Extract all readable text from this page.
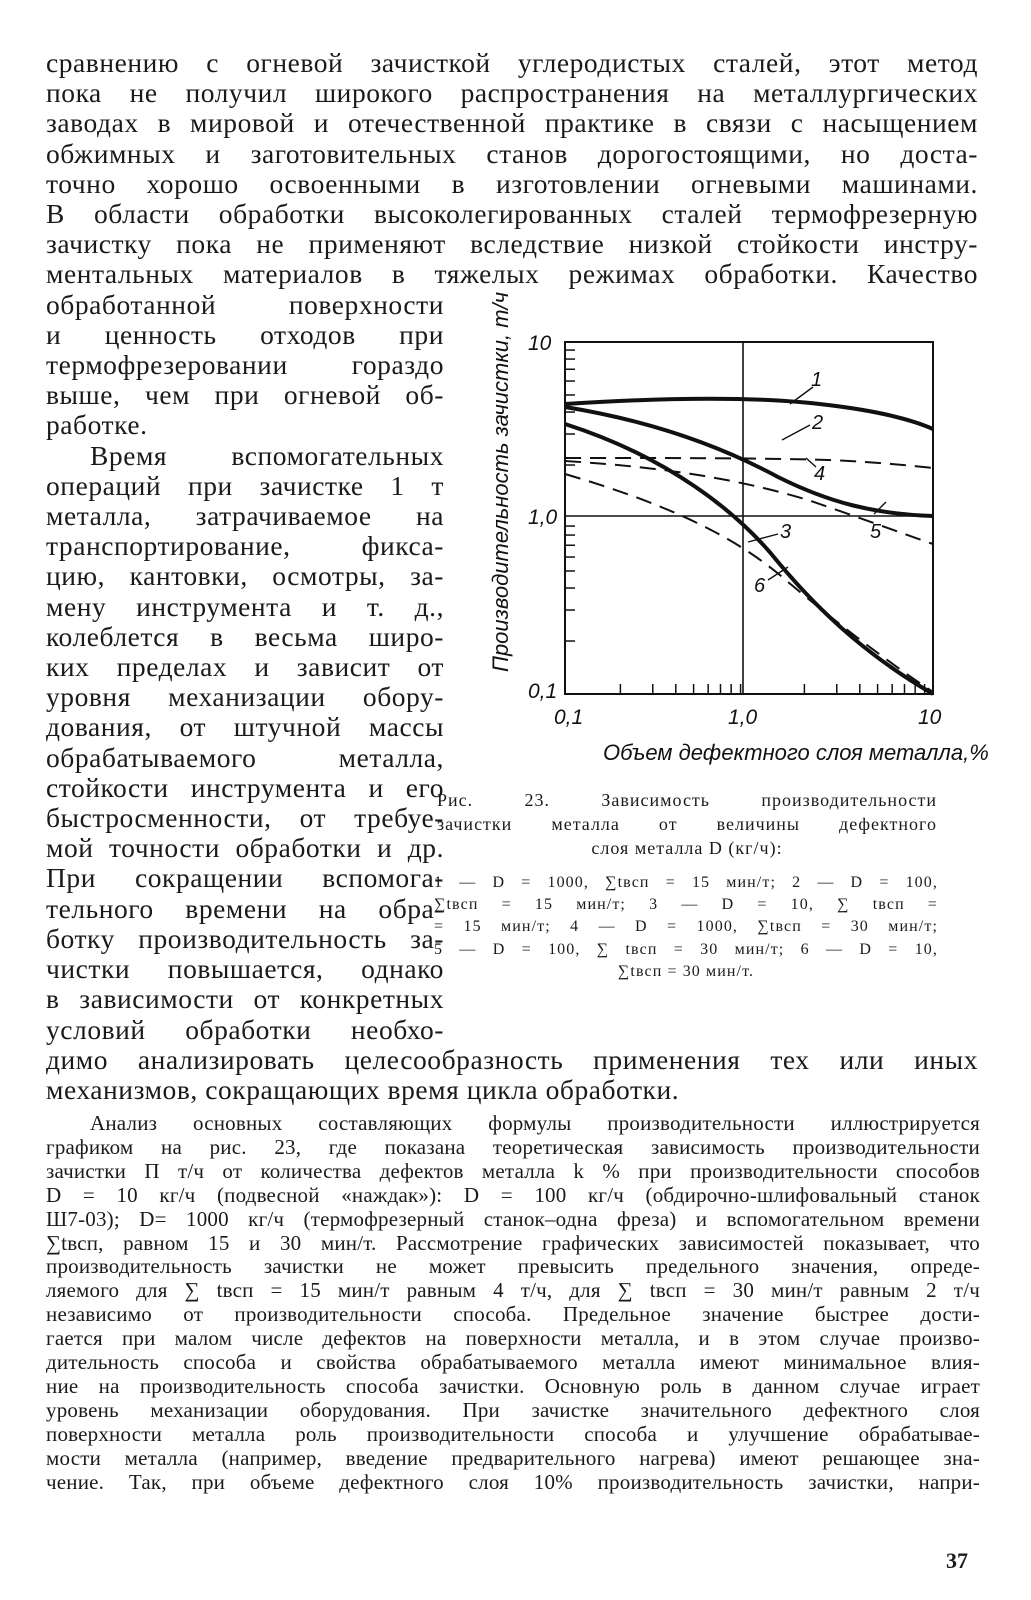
сравнению с огневой зачисткой углеродистых сталей, этот метод
пока не получил широкого распространения на металлургических
заводах в мировой и отечественной практике в связи с насыщением
обжимных и заготовительных станов дорогостоящими, но доста-
точно хорошо освоенными в изготовлении огневыми машинами.
В области обработки высоколегированных сталей термофрезерную
зачистку пока не применяют вследствие низкой стойкости инстру-
ментальных материалов в тяжелых режимах обработки. Качество

обработанной поверхности
и ценность отходов при
термофрезеровании гораздо
выше, чем при огневой об-
работке.

Время вспомогательных
операций при зачистке 1 т
металла, затрачиваемое на
транспортирование, фикса-
цию, кантовки, осмотры, за-
мену инструмента и т. д.,
колеблется в весьма широ-
ких пределах и зависит от
уровня механизации обору-
дования, от штучной массы
обрабатываемого металла,
стойкости инструмента и его
быстросменности, от требуе-
мой точности обработки и др.
При сокращении вспомога-
тельного времени на обра-
ботку производительность за-
чистки повышается, однако
в зависимости от конкретных
условий обработки необхо-

димо анализировать целесообразность применения тех или иных
механизмов, сокращающих время цикла обработки.

1
2
3
4
5
6
10
1,0
0,1
0,1	1,0	10
Производительность зачистки, т/ч
Объем дефектного слоя металла,%
Рис. 23. Зависимость производительности
зачистки металла от величины дефектного
слоя металла D (кг/ч):
1 — D = 1000, ∑tвсп = 15 мин/т; 2 — D = 100,
∑tвсп = 15 мин/т; 3 — D = 10, ∑ tвсп =
= 15 мин/т; 4 — D = 1000, ∑tвсп = 30 мин/т;
5 — D = 100, ∑ tвсп = 30 мин/т; 6 — D = 10,
∑tвсп = 30 мин/т.
Анализ основных составляющих формулы производительности иллюстрируется
графиком на рис. 23, где показана теоретическая зависимость производительности
зачистки П т/ч от количества дефектов металла k % при производительности способов
D = 10 кг/ч (подвесной «наждак»): D = 100 кг/ч (обдирочно-шлифовальный станок
Ш7-03); D= 1000 кг/ч (термофрезерный станок–одна фреза) и вспомогательном времени
∑tвсп, равном 15 и 30 мин/т. Рассмотрение графических зависимостей показывает, что
производительность зачистки не может превысить предельного значения, опреде-
ляемого для ∑ tвсп = 15 мин/т равным 4 т/ч, для ∑ tвсп = 30 мин/т равным 2 т/ч
независимо от производительности способа. Предельное значение быстрее дости-
гается при малом числе дефектов на поверхности металла, и в этом случае произво-
дительность способа и свойства обрабатываемого металла имеют минимальное влия-
ние на производительность способа зачистки. Основную роль в данном случае играет
уровень механизации оборудования. При зачистке значительного дефектного слоя
поверхности металла роль производительности способа и улучшение обрабатывае-
мости металла (например, введение предварительного нагрева) имеют решающее зна-
чение. Так, при объеме дефектного слоя 10% производительность зачистки, напри-
37
